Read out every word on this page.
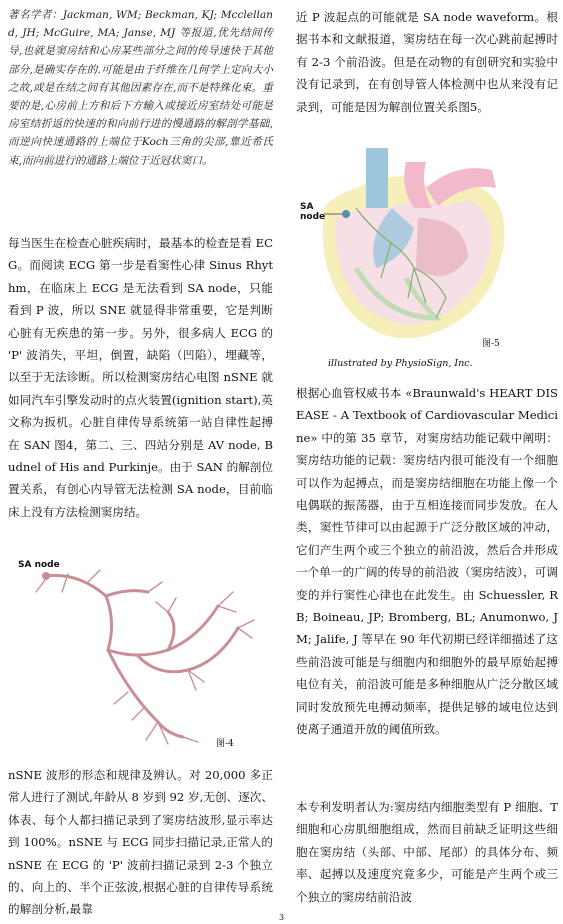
著名学者：Jackman, WM; Beckman, KJ; Mcclelland, JH; McGuire, MA; Janse, MJ 等报道,优先结间传导,也就是窦房结和心房某些部分之间的传导速快于其他部分,是确实存在的.可能是由于纤维在几何学上定向大小之故,或是在结之间有其他因素存在,而不是特殊化束。重要的是,心房前上方和后下方输入或接近房室结处可能是房室结折返的快速的和向前行进的慢通路的解剖学基础,而逆向快速通路的上端位于Koch三角的尖部,靠近希氏束,而向前进行的通路上端位于近冠状窦口。

每当医生在检查心脏疾病时，最基本的检查是看 ECG。而阅读 ECG 第一步是看窦性心律 Sinus Rhythm，在临床上 ECG 是无法看到 SA node，只能看到 P 波，所以 SNE 就显得非常重要，它是判断心脏有无疾患的第一步。另外，很多病人 ECG 的 'P' 波消失，平坦，倒置，缺陷（凹陷），埋藏等，以至于无法诊断。所以检测窦房结心电图 nSNE 就如同汽车引擎发动时的点火装置(ignition start),英文称为扳机。心脏自律传导系统第一站自律性起搏在 SAN 图4，第二、三、四站分别是 AV node, Budnel of His and Purkinje。由于 SAN 的解剖位置关系，有创心内导管无法检测 SA node，目前临床上没有方法检测窦房结。

SA node
图-4

nSNE 波形的形态和规律及辨认。对 20,000 多正常人进行了测试,年龄从 8 岁到 92 岁,无创、逐次、体表、每个人都扫描记录到了窦房结波形,显示率达到 100%。nSNE 与 ECG 同步扫描记录,正常人的 nSNE 在 ECG 的 'P' 波前扫描记录到 2-3 个独立的、向上的、半个正弦波,根据心脏的自律传导系统的解剖分析,最靠

近 P 波起点的可能就是 SA node waveform。根据书本和文献报道，窦房结在每一次心跳前起搏时有 2-3 个前沿波。但是在动物的有创研究和实验中没有记录到，在有创导管人体检测中也从来没有记录到，可能是因为解剖位置关系图5。

SA node
图-5
illustrated by PhysioSign, Inc.

根据心血管权威书本 «Braunwald's HEART DISEASE - A Textbook of Cardiovascular Medicine» 中的第 35 章节，对窦房结功能记载中阐明：窦房结功能的记载：窦房结内很可能没有一个细胞可以作为起搏点，而是窦房结细胞在功能上像一个电偶联的振荡器，由于互相连接而同步发放。在人类，窦性节律可以由起源于广泛分散区域的冲动，它们产生两个或三个独立的前沿波，然后合并形成一个单一的广阔的传导的前沿波（窦房结波），可调变的并行窦性心律也在此发生。由 Schuessler, RB; Boineau, JP; Bromberg, BL; Anumonwo, JM; Jalife, J 等早在 90 年代初期已经详细描述了这些前沿波可能是与细胞内和细胞外的最早原始起搏电位有关，前沿波可能是多种细胞从广泛分散区域同时发放预先电搏动频率，提供足够的域电位达到使离子通道开放的阈值所致。

本专利发明者认为:窦房结内细胞类型有 P 细胞、T 细胞和心房肌细胞组成，然而目前缺乏证明这些细胞在窦房结（头部、中部、尾部）的具体分布、频率、起搏以及速度究竟多少，可能是产生两个或三个独立的窦房结前沿波

3
